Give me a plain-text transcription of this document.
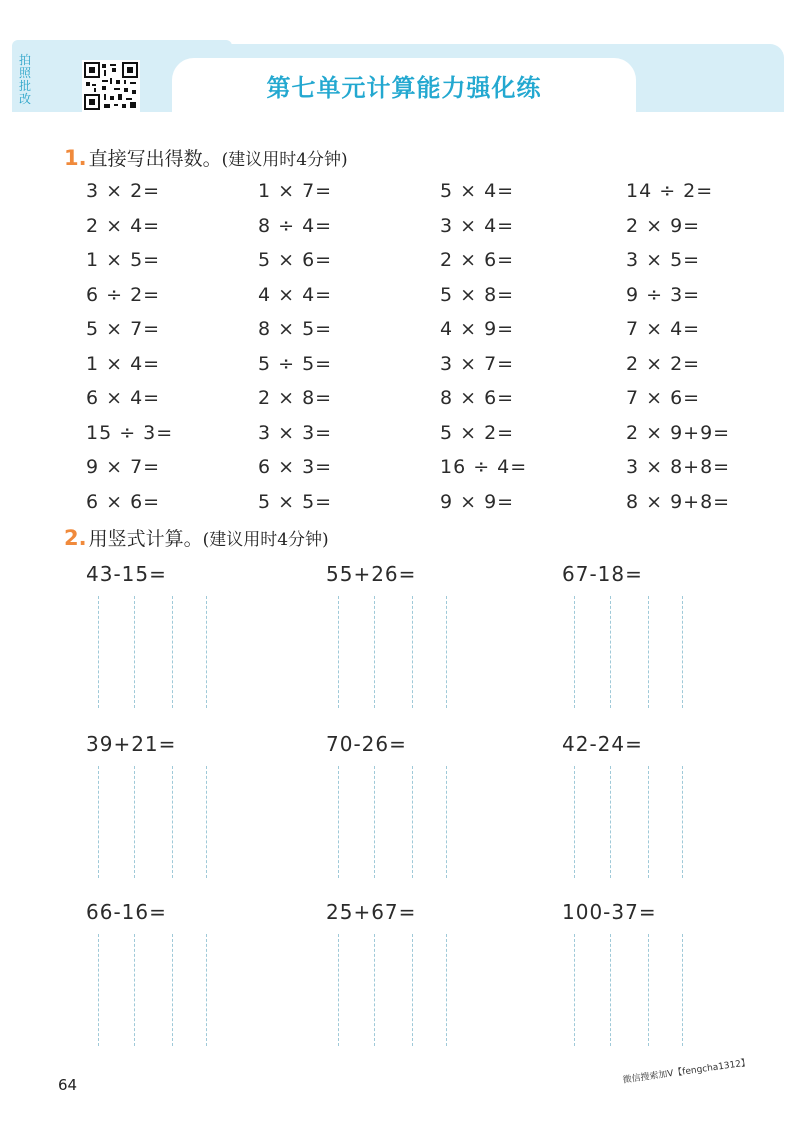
拍
照
批
改	第七单元计算能力强化练
1. 直接写出得数。(建议用时4分钟)
3 × 2=	1 × 7=	5 × 4=	14 ÷ 2=
2 × 4=	8 ÷ 4=	3 × 4=	2 × 9=
1 × 5=	5 × 6=	2 × 6=	3 × 5=
6 ÷ 2=	4 × 4=	5 × 8=	9 ÷ 3=
5 × 7=	8 × 5=	4 × 9=	7 × 4=
1 × 4=	5 ÷ 5=	3 × 7=	2 × 2=
6 × 4=	2 × 8=	8 × 6=	7 × 6=
15 ÷ 3=	3 × 3=	5 × 2=	2 × 9+9=
9 × 7=	6 × 3=	16 ÷ 4=	3 × 8+8=
6 × 6=	5 × 5=	9 × 9=	8 × 9+8=
2. 用竖式计算。(建议用时4分钟)
43-15=	55+26=	67-18=
39+21=	70-26=	42-24=
66-16=	25+67=	100-37=
64	微信搜索加V【fengcha1312】
